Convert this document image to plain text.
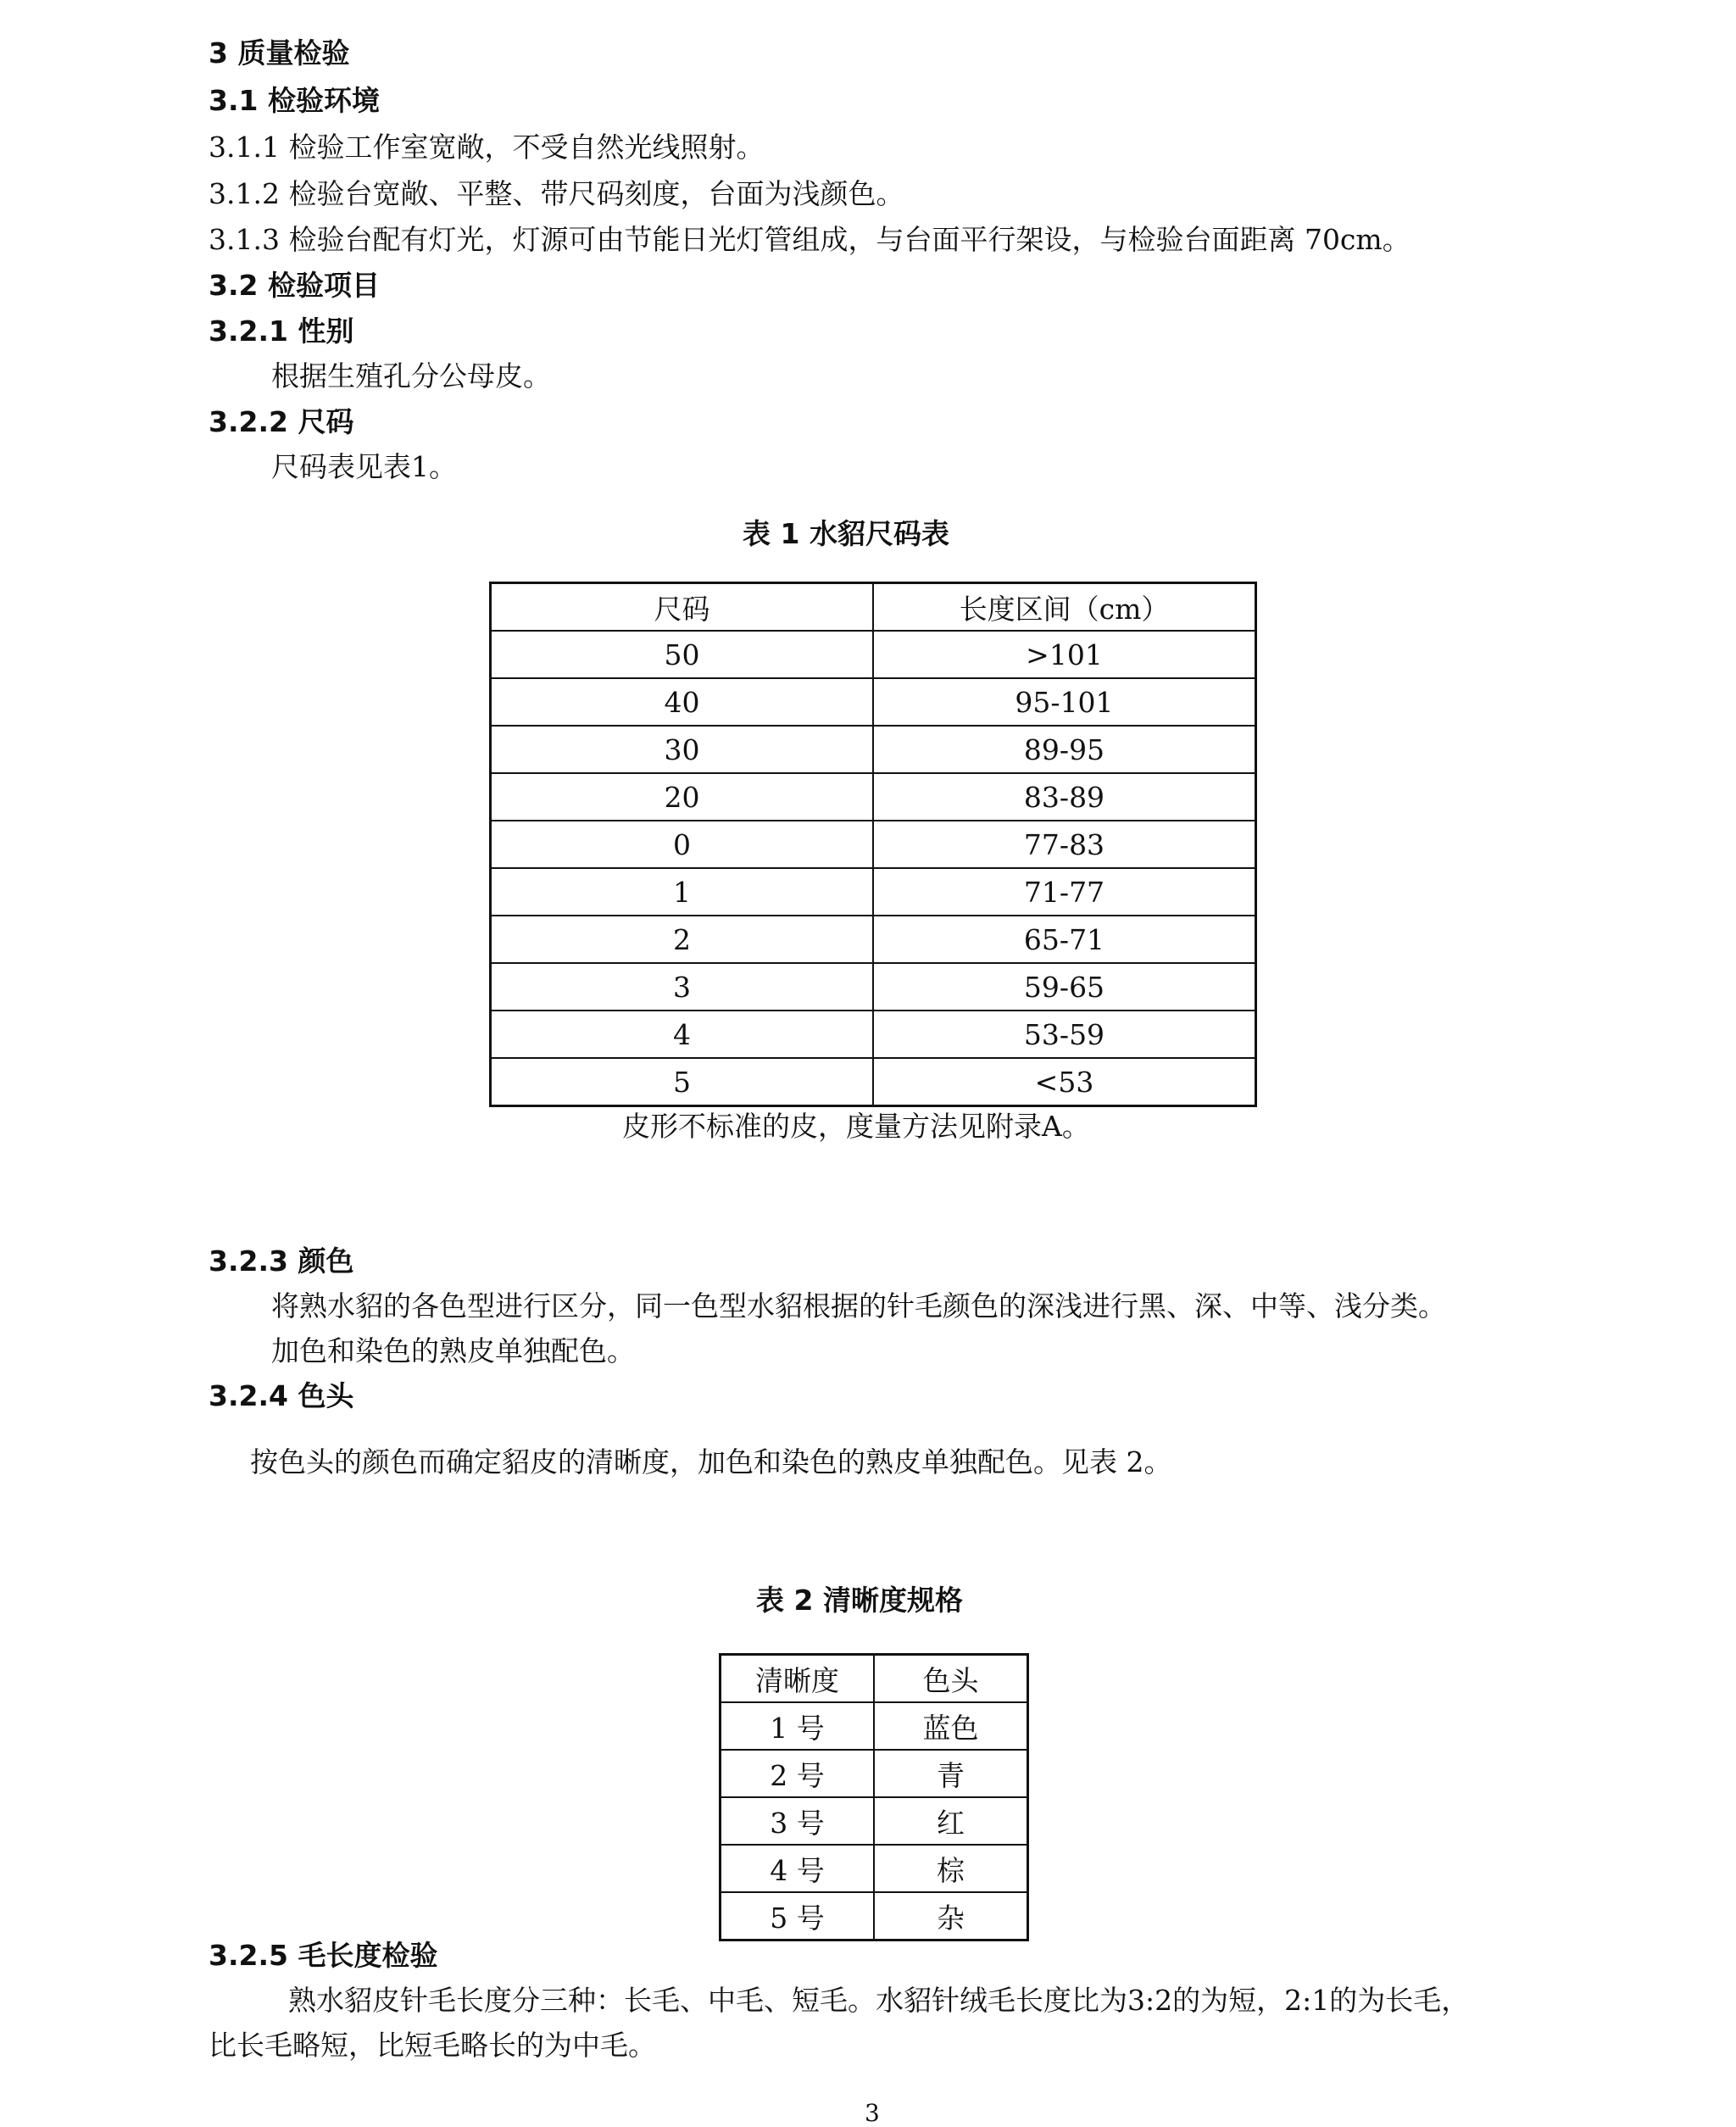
3 质量检验
3.1 检验环境
3.1.1 检验工作室宽敞，不受自然光线照射。
3.1.2 检验台宽敞、平整、带尺码刻度，台面为浅颜色。
3.1.3 检验台配有灯光，灯源可由节能日光灯管组成，与台面平行架设，与检验台面距离 70cm。
3.2 检验项目
3.2.1 性别
根据生殖孔分公母皮。
3.2.2 尺码
尺码表见表1。
表 1 水貂尺码表
尺码	长度区间（cm）
50	>101
40	95-101
30	89-95
20	83-89
0	77-83
1	71-77
2	65-71
3	59-65
4	53-59
5	<53
皮形不标准的皮，度量方法见附录A。
3.2.3 颜色
将熟水貂的各色型进行区分，同一色型水貂根据的针毛颜色的深浅进行黑、深、中等、浅分类。
加色和染色的熟皮单独配色。
3.2.4 色头
按色头的颜色而确定貂皮的清晰度，加色和染色的熟皮单独配色。见表 2。
表 2 清晰度规格
清晰度	色头
1 号	蓝色
2 号	青
3 号	红
4 号	棕
5 号	杂
3.2.5 毛长度检验
熟水貂皮针毛长度分三种：长毛、中毛、短毛。水貂针绒毛长度比为3:2的为短，2:1的为长毛，
比长毛略短，比短毛略长的为中毛。
3
